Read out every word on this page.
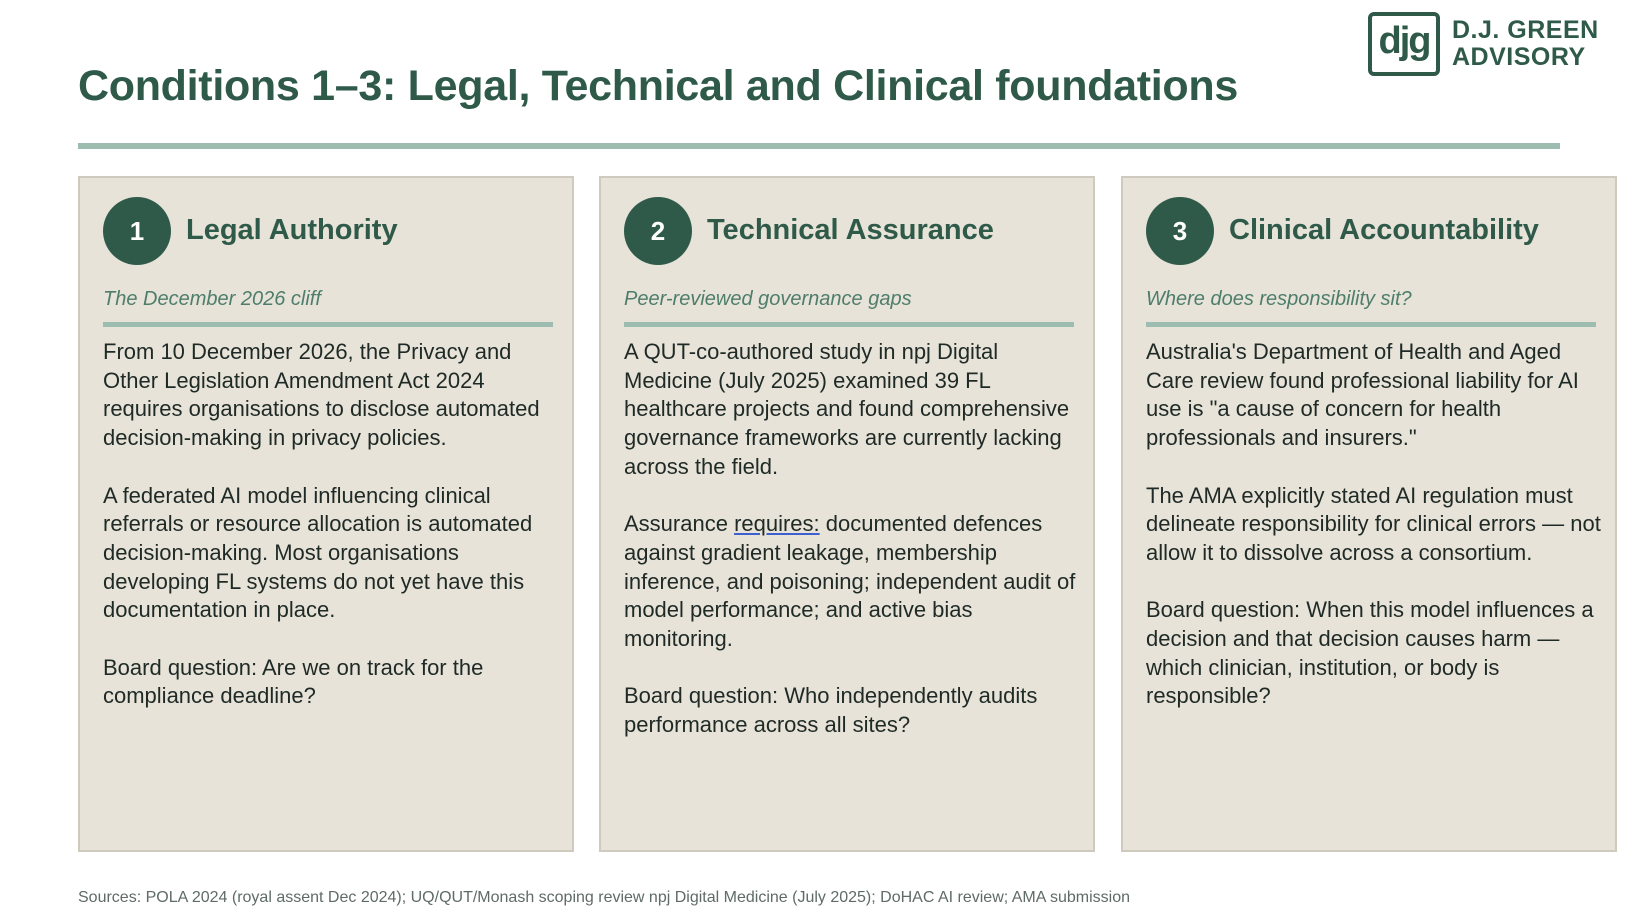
djg D.J. GREEN
ADVISORY
Conditions 1–3: Legal, Technical and Clinical foundations
1	Legal Authority
The December 2026 cliff

From 10 December 2026, the Privacy and Other Legislation Amendment Act 2024 requires organisations to disclose automated decision-making in privacy policies.

A federated AI model influencing clinical referrals or resource allocation is automated decision-making. Most organisations developing FL systems do not yet have this documentation in place.

Board question: Are we on track for the compliance deadline?

2	Technical Assurance
Peer-reviewed governance gaps

A QUT-co-authored study in npj Digital Medicine (July 2025) examined 39 FL healthcare projects and found comprehensive governance frameworks are currently lacking across the field.

Assurance requires: documented defences against gradient leakage, membership inference, and poisoning; independent audit of model performance; and active bias monitoring.

Board question: Who independently audits performance across all sites?

3	Clinical Accountability
Where does responsibility sit?

Australia's Department of Health and Aged Care review found professional liability for AI use is "a cause of concern for health professionals and insurers."

The AMA explicitly stated AI regulation must delineate responsibility for clinical errors — not allow it to dissolve across a consortium.

Board question: When this model influences a decision and that decision causes harm — which clinician, institution, or body is responsible?

Sources: POLA 2024 (royal assent Dec 2024); UQ/QUT/Monash scoping review npj Digital Medicine (July 2025); DoHAC AI review; AMA submission
